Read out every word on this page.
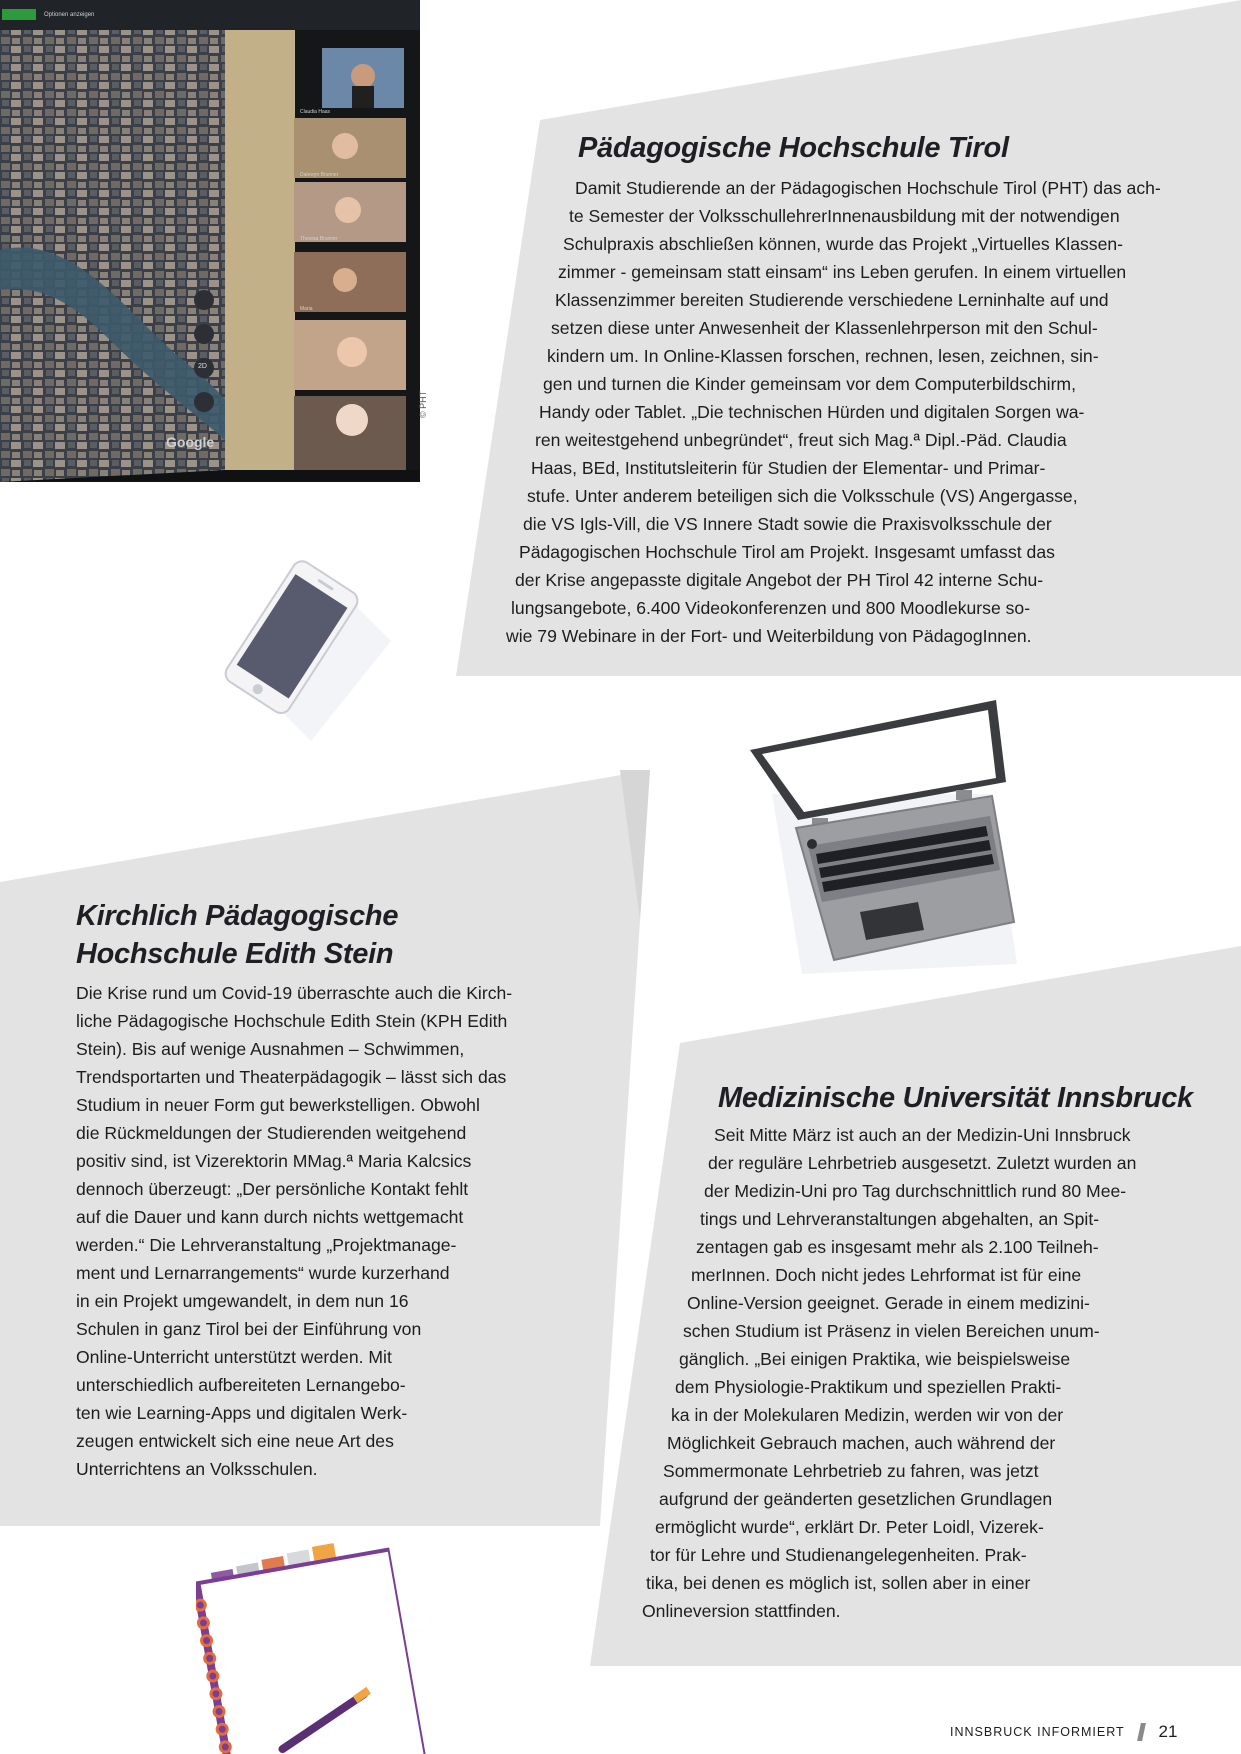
Optionen anzeigen
2D
Google
Claudia Haas
Dalewyn Brunner
Theresa Brunner
Maria
© PHT
Pädagogische Hochschule Tirol
Damit Studierende an der Pädagogischen Hochschule Tirol (PHT) das ach-
te Semester der VolksschullehrerInnenausbildung mit der notwendigen
Schulpraxis abschließen können, wurde das Projekt „Virtuelles Klassen-
zimmer - gemeinsam statt einsam“ ins Leben gerufen. In einem virtuellen
Klassenzimmer bereiten Studierende verschiedene Lerninhalte auf und
setzen diese unter Anwesenheit der Klassenlehrperson mit den Schul-
kindern um. In Online-Klassen forschen, rechnen, lesen, zeichnen, sin-
gen und turnen die Kinder gemeinsam vor dem Computerbildschirm,
Handy oder Tablet. „Die technischen Hürden und digitalen Sorgen wa-
ren weitestgehend unbegründet“, freut sich Mag.ª Dipl.-Päd. Claudia
Haas, BEd, Institutsleiterin für Studien der Elementar- und Primar-
stufe. Unter anderem beteiligen sich die Volksschule (VS) Angergasse,
die VS Igls-Vill, die VS Innere Stadt sowie die Praxisvolksschule der
Pädagogischen Hochschule Tirol am Projekt. Insgesamt umfasst das
der Krise angepasste digitale Angebot der PH Tirol 42 interne Schu-
lungsangebote, 6.400 Videokonferenzen und 800 Moodlekurse so-
wie 79 Webinare in der Fort- und Weiterbildung von PädagogInnen.
Kirchlich Pädagogische
Hochschule Edith Stein
Die Krise rund um Covid-19 überraschte auch die Kirch-
liche Pädagogische Hochschule Edith Stein (KPH Edith
Stein). Bis auf wenige Ausnahmen – Schwimmen,
Trendsportarten und Theaterpädagogik – lässt sich das
Studium in neuer Form gut bewerkstelligen. Obwohl
die Rückmeldungen der Studierenden weitgehend
positiv sind, ist Vizerektorin MMag.ª Maria Kalcsics
dennoch überzeugt: „Der persönliche Kontakt fehlt
auf die Dauer und kann durch nichts wettgemacht
werden.“ Die Lehrveranstaltung „Projektmanage-
ment und Lernarrangements“ wurde kurzerhand
in ein Projekt umgewandelt, in dem nun 16
Schulen in ganz Tirol bei der Einführung von
Online-Unterricht unterstützt werden. Mit
unterschiedlich aufbereiteten Lernangebo-
ten wie Learning-Apps und digitalen Werk-
zeugen entwickelt sich eine neue Art des
Unterrichtens an Volksschulen.
Medizinische Universität Innsbruck
Seit Mitte März ist auch an der Medizin-Uni Innsbruck
der reguläre Lehrbetrieb ausgesetzt. Zuletzt wurden an
der Medizin-Uni pro Tag durchschnittlich rund 80 Mee-
tings und Lehrveranstaltungen abgehalten, an Spit-
zentagen gab es insgesamt mehr als 2.100 Teilneh-
merInnen. Doch nicht jedes Lehrformat ist für eine
Online-Version geeignet. Gerade in einem medizini-
schen Studium ist Präsenz in vielen Bereichen unum-
gänglich. „Bei einigen Praktika, wie beispielsweise
dem Physiologie-Praktikum und speziellen Prakti-
ka in der Molekularen Medizin, werden wir von der
Möglichkeit Gebrauch machen, auch während der
Sommermonate Lehrbetrieb zu fahren, was jetzt
aufgrund der geänderten gesetzlichen Grundlagen
ermöglicht wurde“, erklärt Dr. Peter Loidl, Vizerek-
tor für Lehre und Studienangelegenheiten. Prak-
tika, bei denen es möglich ist, sollen aber in einer
Onlineversion stattfinden.
INNSBRUCK INFORMIERT 21
